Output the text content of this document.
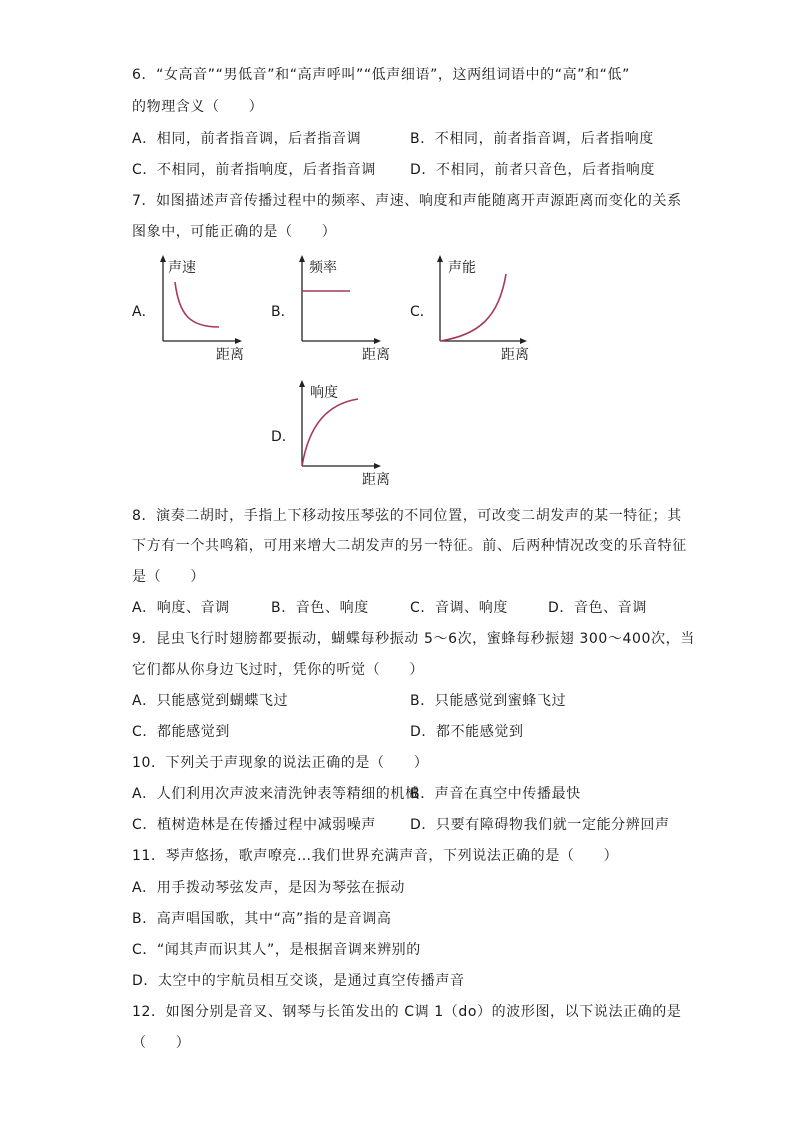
6．“女高音”“男低音”和“高声呼叫”“低声细语”，这两组词语中的“高”和“低”
的物理含义（　　）
A．相同，前者指音调，后者指音调	B．不相同，前者指音调，后者指响度
C．不相同，前者指响度，后者指音调 D．不相同，前者只音色，后者指响度
7．如图描述声音传播过程中的频率、声速、响度和声能随离开声源距离而变化的关系
图象中，可能正确的是（　　）
A．
声速
距离
B．
频率
距离
C．
声能
距离
D．
响度
距离
8．演奏二胡时，手指上下移动按压琴弦的不同位置，可改变二胡发声的某一特征；其
下方有一个共鸣箱，可用来增大二胡发声的另一特征。前、后两种情况改变的乐音特征
是（　　）
A．响度、音调	B．音色、响度	C．音调、响度	D．音色、音调
9．昆虫飞行时翅膀都要振动，蝴蝶每秒振动 5～6次，蜜蜂每秒振翅 300～400次，当
它们都从你身边飞过时，凭你的听觉（　　）
A．只能感觉到蝴蝶飞过	B．只能感觉到蜜蜂飞过
C．都能感觉到	D．都不能感觉到
10．下列关于声现象的说法正确的是（　　）
A．人们利用次声波来清洗钟表等精细的机械
B．声音在真空中传播最快
C．植树造林是在传播过程中减弱噪声 D．只要有障碍物我们就一定能分辨回声
11．琴声悠扬，歌声嘹亮…我们世界充满声音，下列说法正确的是（　　）
A．用手拨动琴弦发声，是因为琴弦在振动
B．高声唱国歌，其中“高”指的是音调高
C．“闻其声而识其人”，是根据音调来辨别的
D．太空中的宇航员相互交谈，是通过真空传播声音
12．如图分别是音叉、钢琴与长笛发出的 C调 1（do）的波形图，以下说法正确的是
（　　）
